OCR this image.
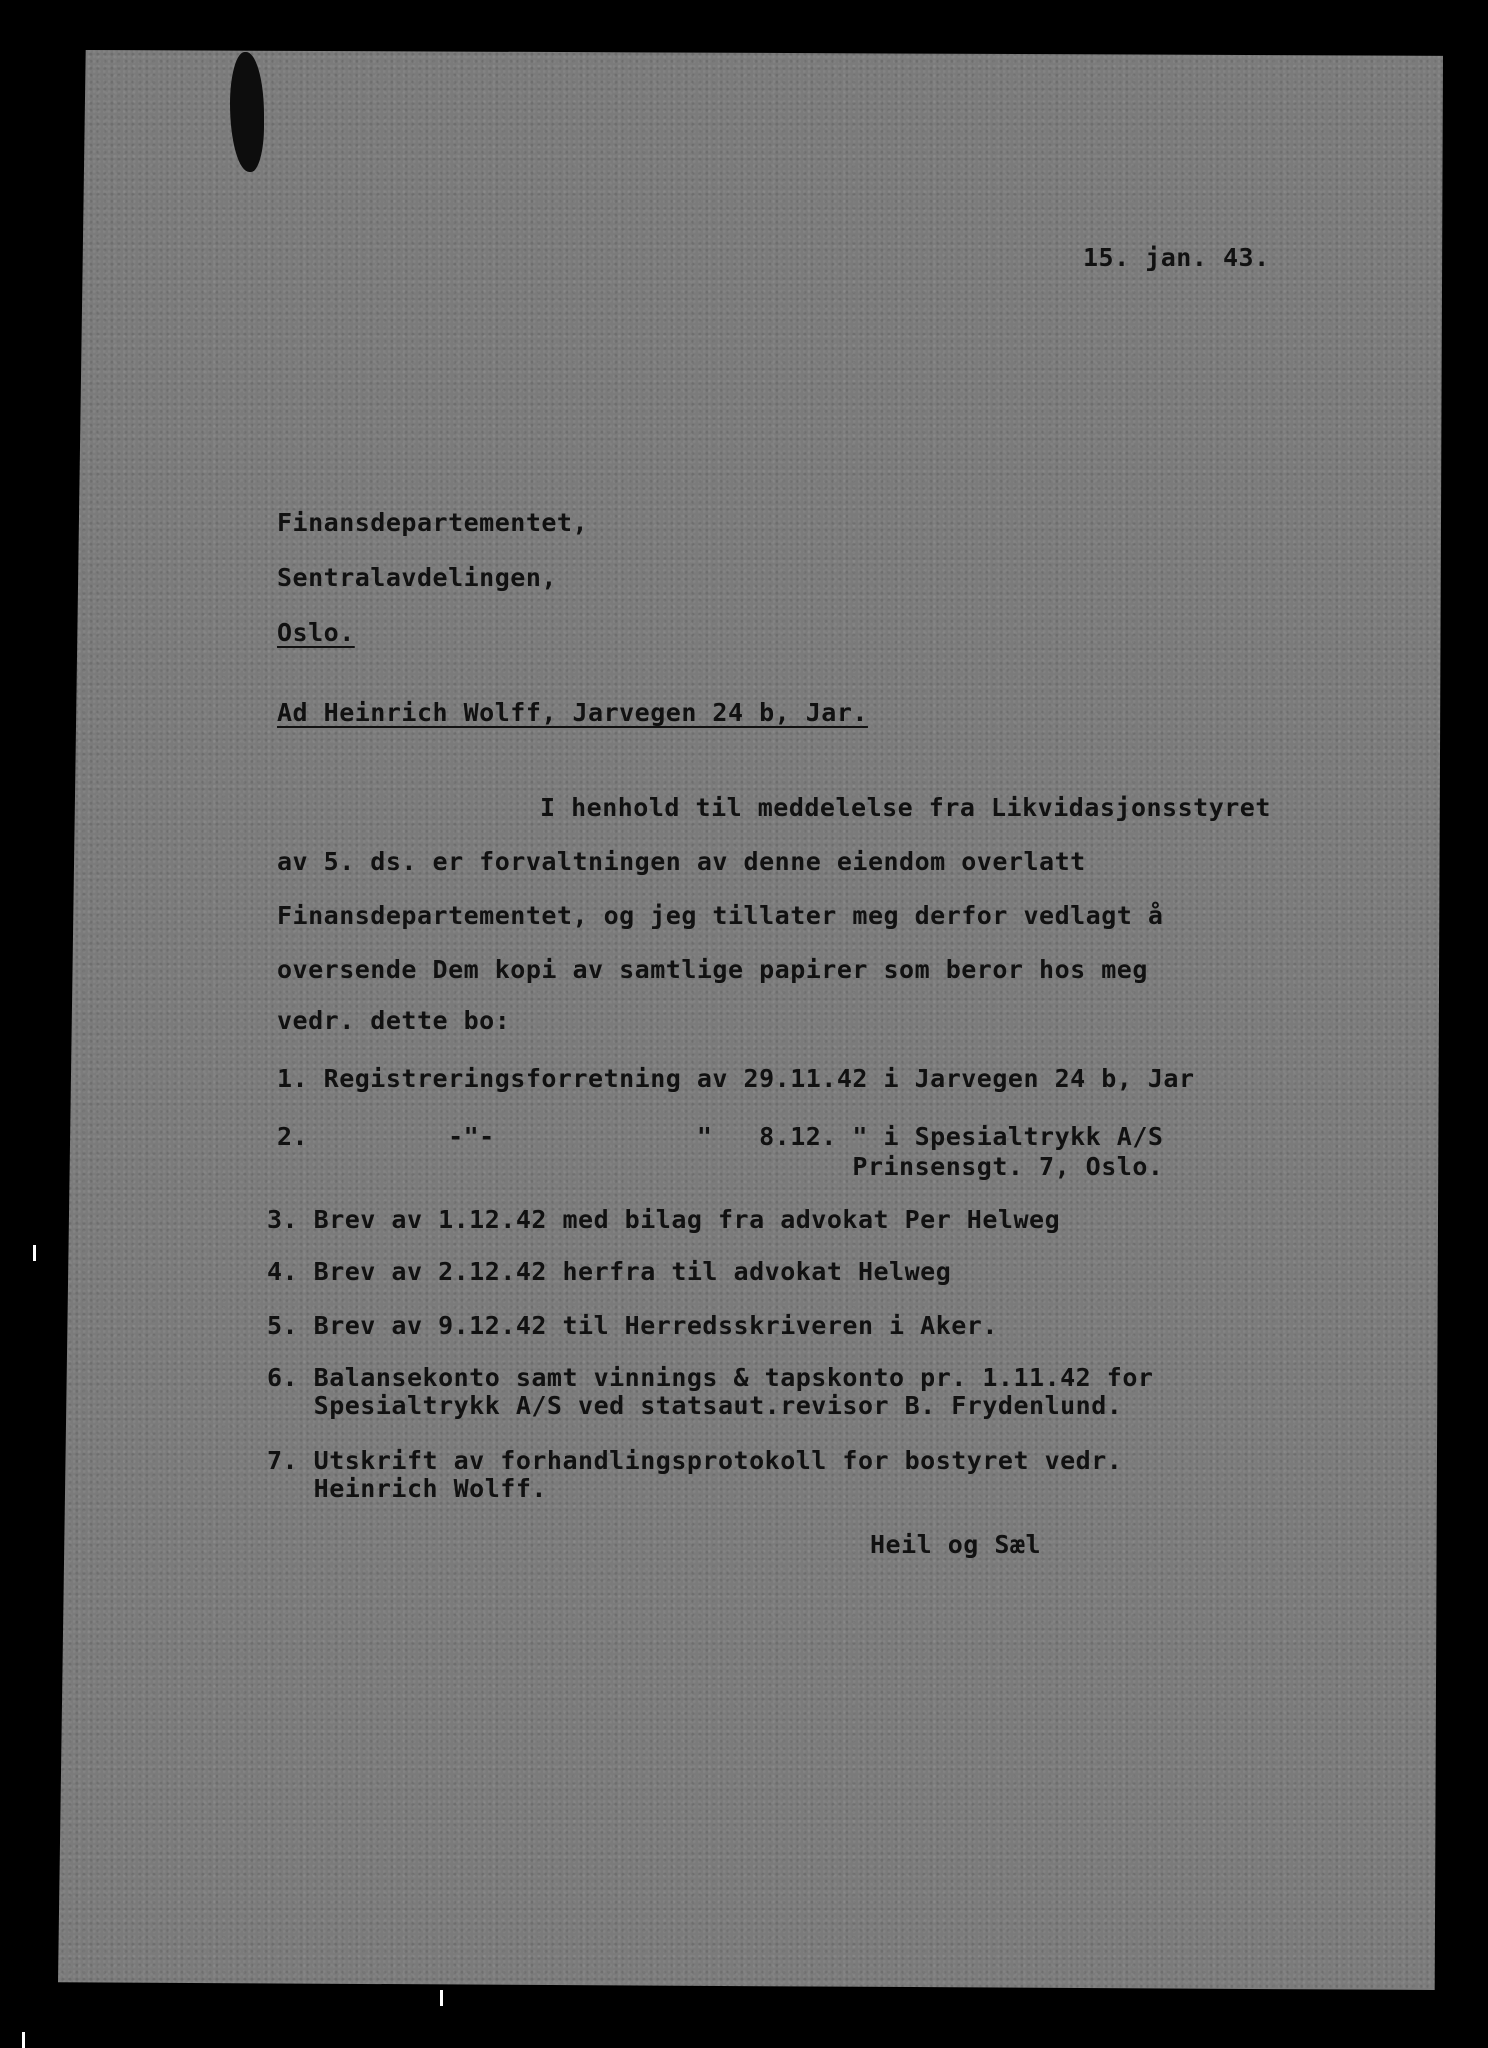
15. jan. 43.
Finansdepartementet,
Sentralavdelingen,
Oslo.
Ad Heinrich Wolff, Jarvegen 24 b, Jar.
I henhold til meddelelse fra Likvidasjonsstyret
av 5. ds. er forvaltningen av denne eiendom overlatt
Finansdepartementet, og jeg tillater meg derfor vedlagt å
oversende Dem kopi av samtlige papirer som beror hos meg
vedr. dette bo:
1. Registreringsforretning av 29.11.42 i Jarvegen 24 b, Jar
2.         -"-             "   8.12. " i Spesialtrykk A/S
Prinsensgt. 7, Oslo.
3. Brev av 1.12.42 med bilag fra advokat Per Helweg
4. Brev av 2.12.42 herfra til advokat Helweg
5. Brev av 9.12.42 til Herredsskriveren i Aker.
6. Balansekonto samt vinnings & tapskonto pr. 1.11.42 for
Spesialtrykk A/S ved statsaut.revisor B. Frydenlund.
7. Utskrift av forhandlingsprotokoll for bostyret vedr.
Heinrich Wolff.
Heil og Sæl
